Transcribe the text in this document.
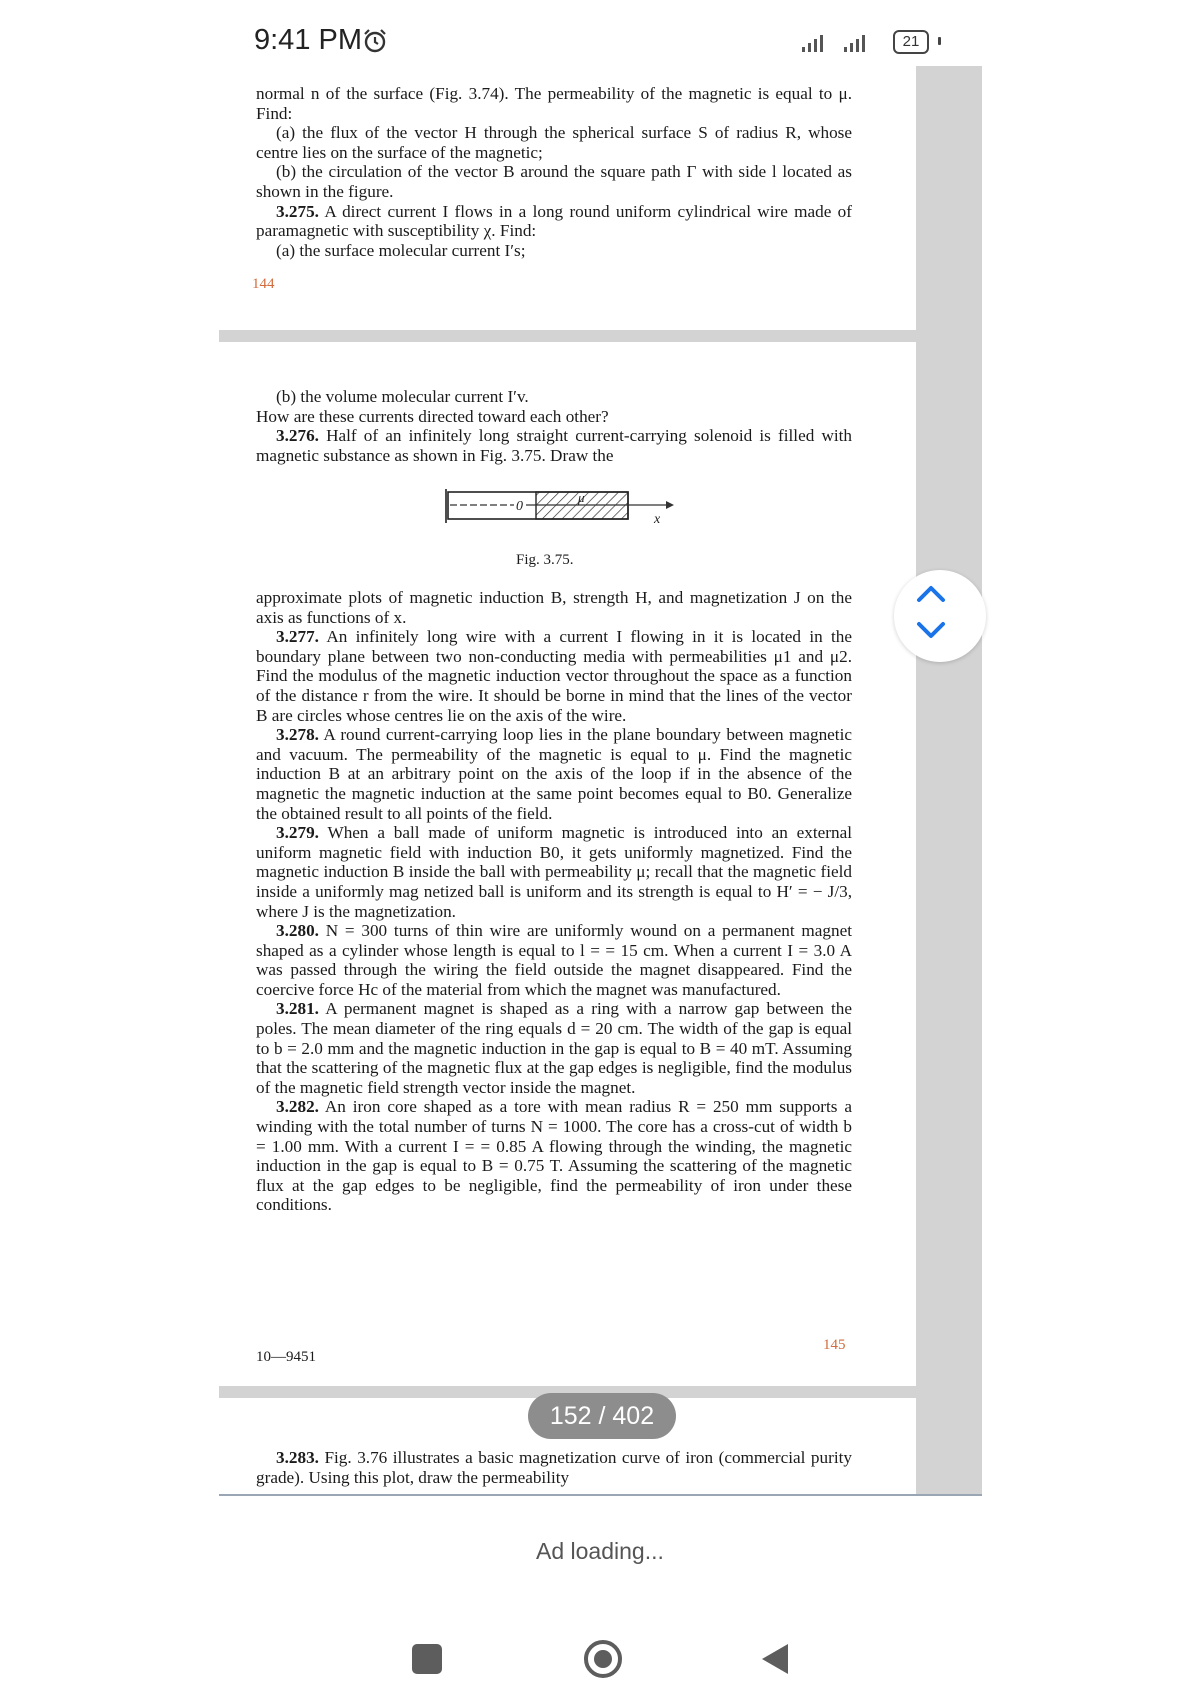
9:41 PM	21

normal n of the surface (Fig. 3.74). The permeability of the magnetic is equal to μ. Find:

(a) the flux of the vector H through the spherical surface S of radius R, whose centre lies on the surface of the magnetic;

(b) the circulation of the vector B around the square path Γ with side l located as shown in the figure.

3.275. A direct current I flows in a long round uniform cylindrical wire made of paramagnetic with susceptibility χ. Find:

(a) the surface molecular current I′s;

144

(b) the volume molecular current I′v.

How are these currents directed toward each other?

3.276. Half of an infinitely long straight current-carrying solenoid is filled with magnetic substance as shown in Fig. 3.75. Draw the

0
μ
x
Fig. 3.75.

approximate plots of magnetic induction B, strength H, and magnetization J on the axis as functions of x.

3.277. An infinitely long wire with a current I flowing in it is located in the boundary plane between two non-conducting media with permeabilities μ1 and μ2. Find the modulus of the magnetic induction vector throughout the space as a function of the distance r from the wire. It should be borne in mind that the lines of the vector B are circles whose centres lie on the axis of the wire.

3.278. A round current-carrying loop lies in the plane boundary between magnetic and vacuum. The permeability of the magnetic is equal to μ. Find the magnetic induction B at an arbitrary point on the axis of the loop if in the absence of the magnetic the magnetic induction at the same point becomes equal to B0. Generalize the obtained result to all points of the field.

3.279. When a ball made of uniform magnetic is introduced into an external uniform magnetic field with induction B0, it gets uniformly magnetized. Find the magnetic induction B inside the ball with permeability μ; recall that the magnetic field inside a uniformly mag netized ball is uniform and its strength is equal to H′ = − J/3, where J is the magnetization.

3.280. N = 300 turns of thin wire are uniformly wound on a permanent magnet shaped as a cylinder whose length is equal to l = = 15 cm. When a current I = 3.0 A was passed through the wiring the field outside the magnet disappeared. Find the coercive force Hc of the material from which the magnet was manufactured.

3.281. A permanent magnet is shaped as a ring with a narrow gap between the poles. The mean diameter of the ring equals d = 20 cm. The width of the gap is equal to b = 2.0 mm and the magnetic induction in the gap is equal to B = 40 mT. Assuming that the scattering of the magnetic flux at the gap edges is negligible, find the modulus of the magnetic field strength vector inside the magnet.

3.282. An iron core shaped as a tore with mean radius R = 250 mm supports a winding with the total number of turns N = 1000. The core has a cross-cut of width b = 1.00 mm. With a current I = = 0.85 A flowing through the winding, the magnetic induction in the gap is equal to B = 0.75 T. Assuming the scattering of the magnetic flux at the gap edges to be negligible, find the permeability of iron under these conditions.

10—9451
145

3.283. Fig. 3.76 illustrates a basic magnetization curve of iron (commercial purity grade). Using this plot, draw the permeability

152 / 402
Ad loading...
